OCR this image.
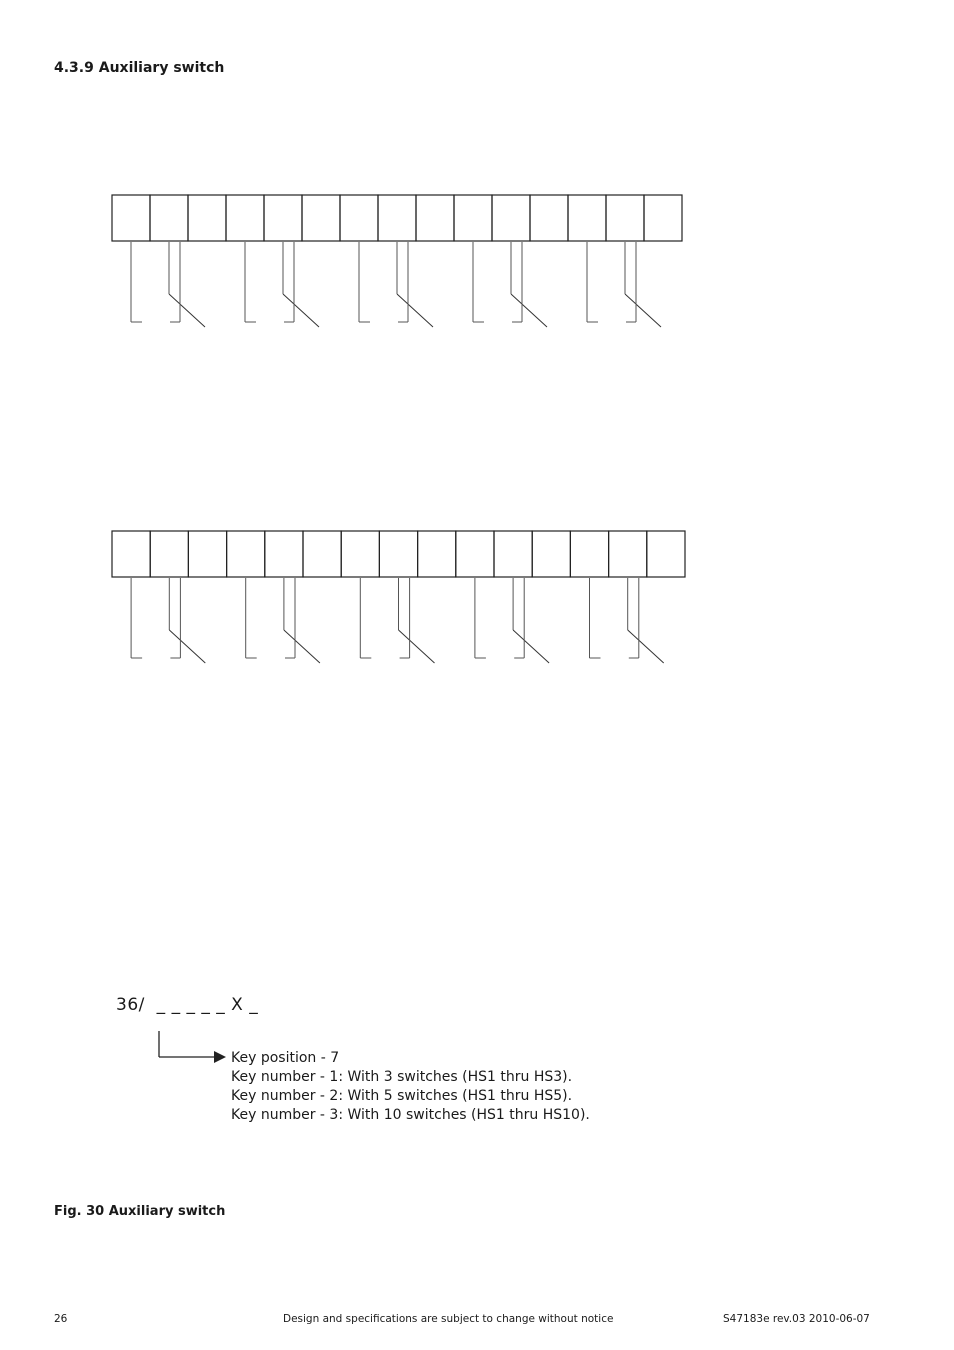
4.3.9 Auxiliary switch
36/  _ _ _ _ _ X _
Key position - 7
Key number - 1: With 3 switches (HS1 thru HS3).
Key number - 2: With 5 switches (HS1 thru HS5).
Key number - 3: With 10 switches (HS1 thru HS10).

Fig. 30 Auxiliary switch

26	Design and specifications are subject to change without notice	S47183e rev.03 2010-06-07
